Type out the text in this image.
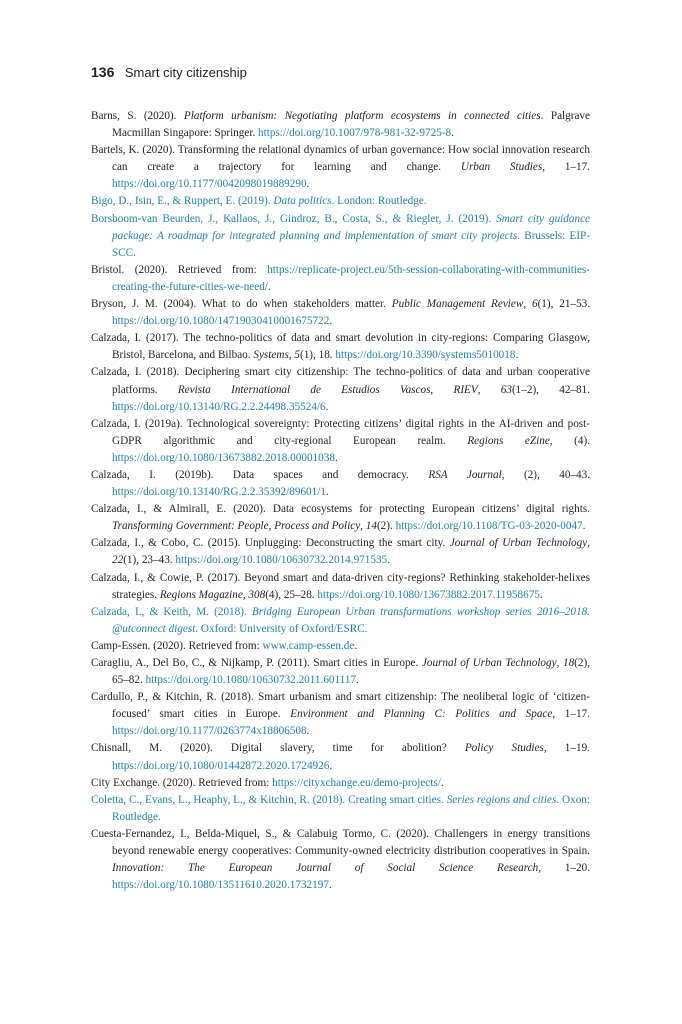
136 Smart city citizenship

Barns, S. (2020). Platform urbanism: Negotiating platform ecosystems in connected cities. Palgrave Macmillan Singapore: Springer. https://doi.org/10.1007/978-981-32-9725-8.

Bartels, K. (2020). Transforming the relational dynamics of urban governance: How social innovation research can create a trajectory for learning and change. Urban Studies, 1–17. https://doi.org/10.1177/0042098019889290.

Bigo, D., Isin, E., & Ruppert, E. (2019). Data politics. London: Routledge.

Borsboom-van Beurden, J., Kallaos, J., Gindroz, B., Costa, S., & Riegler, J. (2019). Smart city guidance package: A roadmap for integrated planning and implementation of smart city projects. Brussels: EIP-SCC.

Bristol. (2020). Retrieved from: https://replicate-project.eu/5th-session-collaborating-with-communities-creating-the-future-cities-we-need/.

Bryson, J. M. (2004). What to do when stakeholders matter. Public Management Review, 6(1), 21–53. https://doi.org/10.1080/14719030410001675722.

Calzada, I. (2017). The techno-politics of data and smart devolution in city-regions: Comparing Glasgow, Bristol, Barcelona, and Bilbao. Systems, 5(1), 18. https://doi.org/10.3390/systems5010018.

Calzada, I. (2018). Deciphering smart city citizenship: The techno-politics of data and urban cooperative platforms. Revista International de Estudios Vascos, RIEV, 63(1–2), 42–81. https://doi.org/10.13140/RG.2.2.24498.35524/6.

Calzada, I. (2019a). Technological sovereignty: Protecting citizens’ digital rights in the AI-driven and post-GDPR algorithmic and city-regional European realm. Regions eZine, (4). https://doi.org/10.1080/13673882.2018.00001038.

Calzada, I. (2019b). Data spaces and democracy. RSA Journal, (2), 40–43. https://doi.org/10.13140/RG.2.2.35392/89601/1.

Calzada, I., & Almirall, E. (2020). Data ecosystems for protecting European citizens’ digital rights. Transforming Government: People, Process and Policy, 14(2). https://doi.org/10.1108/TG-03-2020-0047.

Calzada, I., & Cobo, C. (2015). Unplugging: Deconstructing the smart city. Journal of Urban Technology, 22(1), 23–43. https://doi.org/10.1080/10630732.2014.971535.

Calzada, I., & Cowie, P. (2017). Beyond smart and data-driven city-regions? Rethinking stakeholder-helixes strategies. Regions Magazine, 308(4), 25–28. https://doi.org/10.1080/13673882.2017.11958675.

Calzada, I., & Keith, M. (2018). Bridging European Urban transformations workshop series 2016–2018. @utconnect digest. Oxford: University of Oxford/ESRC.

Camp-Essen. (2020). Retrieved from: www.camp-essen.de.

Caragliu, A., Del Bo, C., & Nijkamp, P. (2011). Smart cities in Europe. Journal of Urban Technology, 18(2), 65–82. https://doi.org/10.1080/10630732.2011.601117.

Cardullo, P., & Kitchin, R. (2018). Smart urbanism and smart citizenship: The neoliberal logic of ‘citizen-focused’ smart cities in Europe. Environment and Planning C: Politics and Space, 1–17. https://doi.org/10.1177/0263774x18806508.

Chisnall, M. (2020). Digital slavery, time for abolition? Policy Studies, 1–19. https://doi.org/10.1080/01442872.2020.1724926.

City Exchange. (2020). Retrieved from: https://cityxchange.eu/demo-projects/.

Coletta, C., Evans, L., Heaphy, L., & Kitchin, R. (2018). Creating smart cities. Series regions and cities. Oxon: Routledge.

Cuesta-Fernandez, I., Belda-Miquel, S., & Calabuig Tormo, C. (2020). Challengers in energy transitions beyond renewable energy cooperatives: Community-owned electricity distribution cooperatives in Spain. Innovation: The European Journal of Social Science Research, 1–20. https://doi.org/10.1080/13511610.2020.1732197.
